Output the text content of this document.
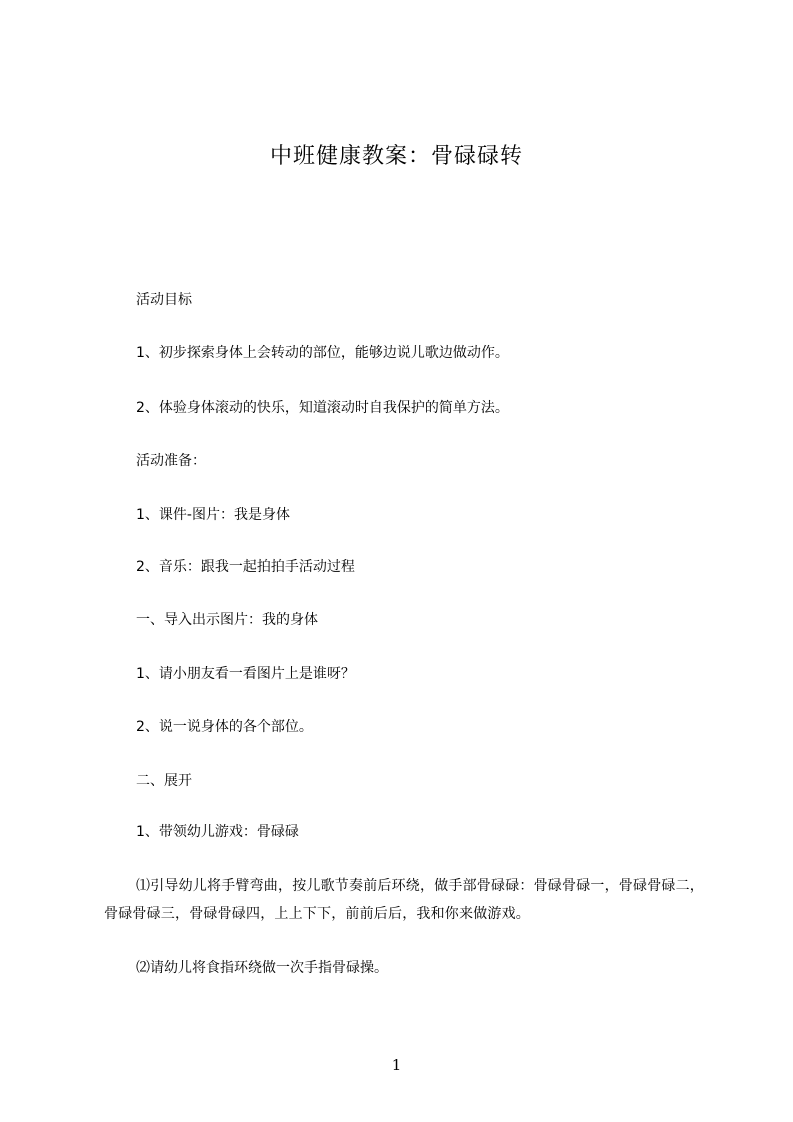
中班健康教案：骨碌碌转

活动目标

1、初步探索身体上会转动的部位，能够边说儿歌边做动作。

2、体验身体滚动的快乐，知道滚动时自我保护的简单方法。

活动准备：

1、课件-图片：我是身体

2、音乐：跟我一起拍拍手活动过程

一、导入出示图片：我的身体

1、请小朋友看一看图片上是谁呀？

2、说一说身体的各个部位。

二、展开

1、带领幼儿游戏：骨碌碌

⑴引导幼儿将手臂弯曲，按儿歌节奏前后环绕，做手部骨碌碌：骨碌骨碌一，骨碌骨碌二，骨碌骨碌三，骨碌骨碌四，上上下下，前前后后，我和你来做游戏。

⑵请幼儿将食指环绕做一次手指骨碌操。

1
